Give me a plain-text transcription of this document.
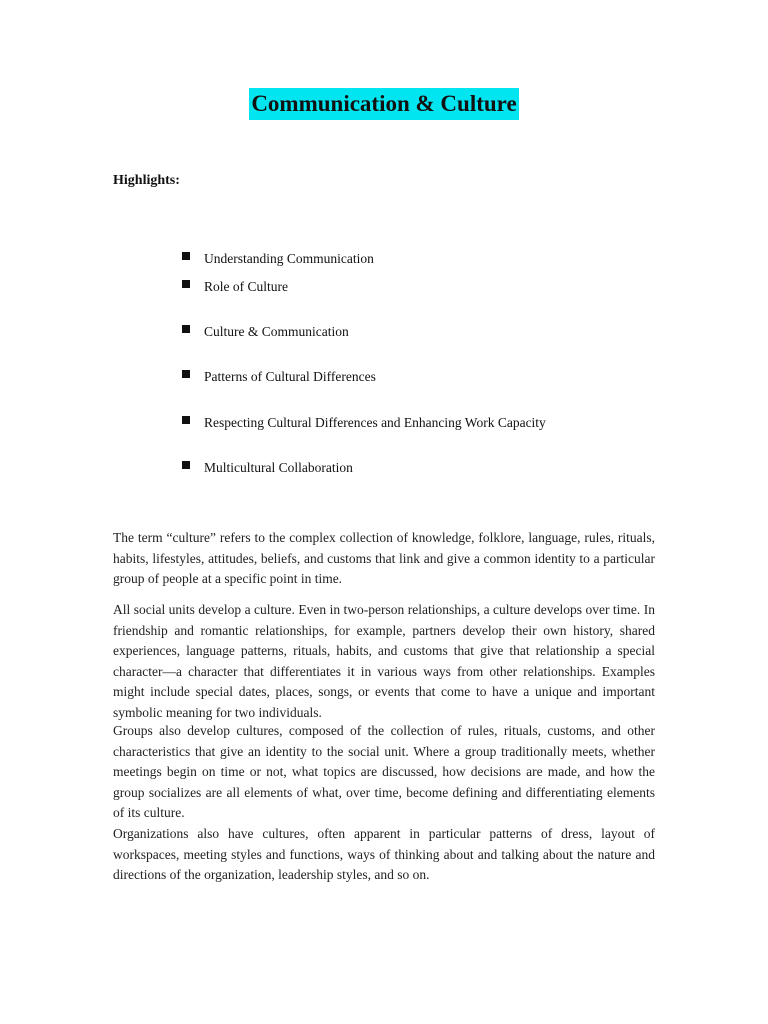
Communication & Culture

Highlights:

Understanding Communication
Role of Culture
Culture & Communication
Patterns of Cultural Differences
Respecting Cultural Differences and Enhancing Work Capacity
Multicultural Collaboration

The term “culture” refers to the complex collection of knowledge, folklore, language, rules, rituals, habits, lifestyles, attitudes, beliefs, and customs that link and give a common identity to a particular group of people at a specific point in time.

All social units develop a culture. Even in two-person relationships, a culture develops over time. In friendship and romantic relationships, for example, partners develop their own history, shared experiences, language patterns, rituals, habits, and customs that give that relationship a special character—a character that differentiates it in various ways from other relationships. Examples might include special dates, places, songs, or events that come to have a unique and important symbolic meaning for two individuals.

Groups also develop cultures, composed of the collection of rules, rituals, customs, and other characteristics that give an identity to the social unit. Where a group traditionally meets, whether meetings begin on time or not, what topics are discussed, how decisions are made, and how the group socializes are all elements of what, over time, become defining and differentiating elements of its culture.

Organizations also have cultures, often apparent in particular patterns of dress, layout of workspaces, meeting styles and functions, ways of thinking about and talking about the nature and directions of the organization, leadership styles, and so on.
